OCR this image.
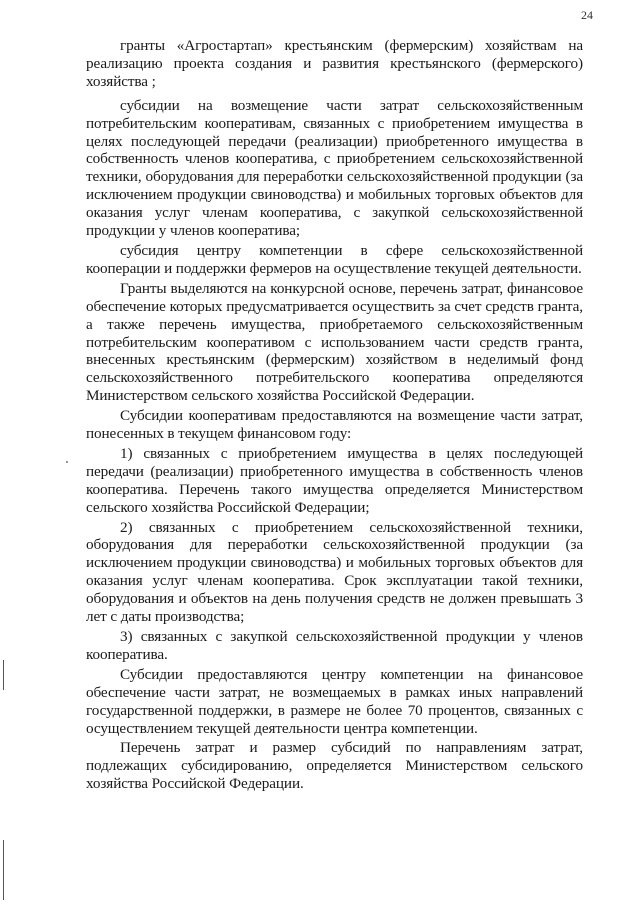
24

гранты «Агростартап» крестьянским (фермерским) хозяйствам на реализацию проекта создания и развития крестьянского (фермерского) хозяйства ;

субсидии на возмещение части затрат сельскохозяйственным потребительским кооперативам, связанных с приобретением имущества в целях последующей передачи (реализации) приобретенного имущества в собственность членов кооператива, с приобретением сельскохозяйственной техники, оборудования для переработки сельскохозяйственной продукции (за исключением продукции свиноводства) и мобильных торговых объектов для оказания услуг членам кооператива, с закупкой сельскохозяйственной продукции у членов кооператива;

субсидия центру компетенции в сфере сельскохозяйственной кооперации и поддержки фермеров на осуществление текущей деятельности.

Гранты выделяются на конкурсной основе, перечень затрат, финансовое обеспечение которых предусматривается осуществить за счет средств гранта, а также перечень имущества, приобретаемого сельскохозяйственным потребительским кооперативом с использованием части средств гранта, внесенных крестьянским (фермерским) хозяйством в неделимый фонд сельскохозяйственного потребительского кооператива определяются Министерством сельского хозяйства Российской Федерации.

Субсидии кооперативам предоставляются на возмещение части затрат, понесенных в текущем финансовом году:

1) связанных с приобретением имущества в целях последующей передачи (реализации) приобретенного имущества в собственность членов кооператива. Перечень такого имущества определяется Министерством сельского хозяйства Российской Федерации;

2) связанных с приобретением сельскохозяйственной техники, оборудования для переработки сельскохозяйственной продукции (за исключением продукции свиноводства) и мобильных торговых объектов для оказания услуг членам кооператива. Срок эксплуатации такой техники, оборудования и объектов на день получения средств не должен превышать 3 лет с даты производства;

3) связанных с закупкой сельскохозяйственной продукции у членов кооператива.

Субсидии предоставляются центру компетенции на финансовое обеспечение части затрат, не возмещаемых в рамках иных направлений государственной поддержки, в размере не более 70 процентов, связанных с осуществлением текущей деятельности центра компетенции.

Перечень затрат и размер субсидий по направлениям затрат, подлежащих субсидированию, определяется Министерством сельского хозяйства Российской Федерации.
